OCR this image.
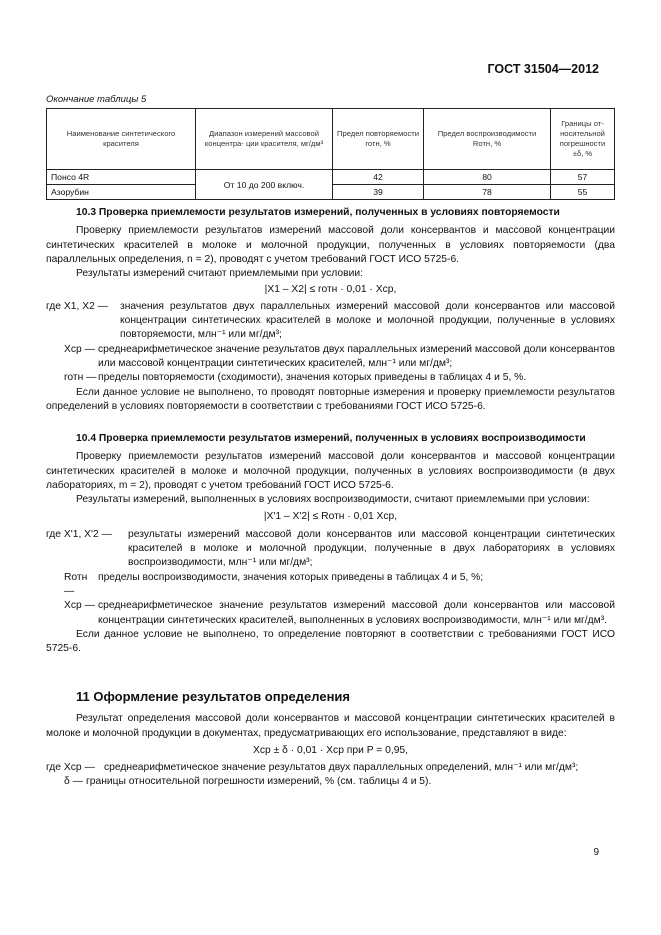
ГОСТ 31504—2012
Окончание таблицы 5
Наименование синтетического красителя	Диапазон измерений массовой концентра- ции красителя, мг/дм³	Предел повторяемости rотн, %	Предел воспроизводимости Rотн, %	Границы от- носительной погрешности ±δ, %
Понсо 4R	От 10 до 200 включ.	42	80	57
Азорубин		39	78	55
10.3 Проверка приемлемости результатов измерений, полученных в условиях повторяемости
Проверку приемлемости результатов измерений массовой доли консервантов и массовой концентрации синтетических красителей в молоке и молочной продукции, полученных в условиях повторяемости (два параллельных определения, n = 2), проводят с учетом требований ГОСТ ИСО 5725-6.
Результаты измерений считают приемлемыми при условии:
|X1 – X2| ≤ rотн · 0,01 · Xср,
где X1, X2 —	значения результатов двух параллельных измерений массовой доли консервантов или массовой концентрации синтетических красителей в молоке и молочной продукции, полученные в условиях повторяемости, млн⁻¹ или мг/дм³;
Xср — среднеарифметическое значение результатов двух параллельных измерений массовой доли консервантов или массовой концентрации синтетических красителей, млн⁻¹ или мг/дм³;
rотн — пределы повторяемости (сходимости), значения которых приведены в таблицах 4 и 5, %.
Если данное условие не выполнено, то проводят повторные измерения и проверку приемлемости результатов определений в условиях повторяемости в соответствии с требованиями ГОСТ ИСО 5725-6.
10.4 Проверка приемлемости результатов измерений, полученных в условиях воспроизводимости
Проверку приемлемости результатов измерений массовой доли консервантов и массовой концентрации синтетических красителей в молоке и молочной продукции, полученных в условиях воспроизводимости (в двух лабораториях, m = 2), проводят с учетом требований ГОСТ ИСО 5725-6.
Результаты измерений, выполненных в условиях воспроизводимости, считают приемлемыми при условии:
|X'1 – X'2| ≤ Rотн · 0,01 Xср,
где X'1, X'2 —	результаты измерений массовой доли консервантов или массовой концентрации синтетических красителей в молоке и молочной продукции, полученные в двух лабораториях в условиях воспроизводимости, млн⁻¹ или мг/дм³;
Rотн —
пределы воспроизводимости, значения которых приведены в таблицах 4 и 5, %;
Xср — среднеарифметическое значение результатов измерений массовой доли консервантов или массовой концентрации синтетических красителей, выполненных в условиях воспроизводимости, млн⁻¹ или мг/дм³.
Если данное условие не выполнено, то определение повторяют в соответствии с требованиями ГОСТ ИСО 5725-6.
11 Оформление результатов определения
Результат определения массовой доли консервантов и массовой концентрации синтетических красителей в молоке и молочной продукции в документах, предусматривающих его использование, представляют в виде:
Xср ± δ · 0,01 · Xср при P = 0,95,
где Xср — среднеарифметическое значение результатов двух параллельных определений, млн⁻¹ или мг/дм³;
δ — границы относительной погрешности измерений, % (см. таблицы 4 и 5).
9
